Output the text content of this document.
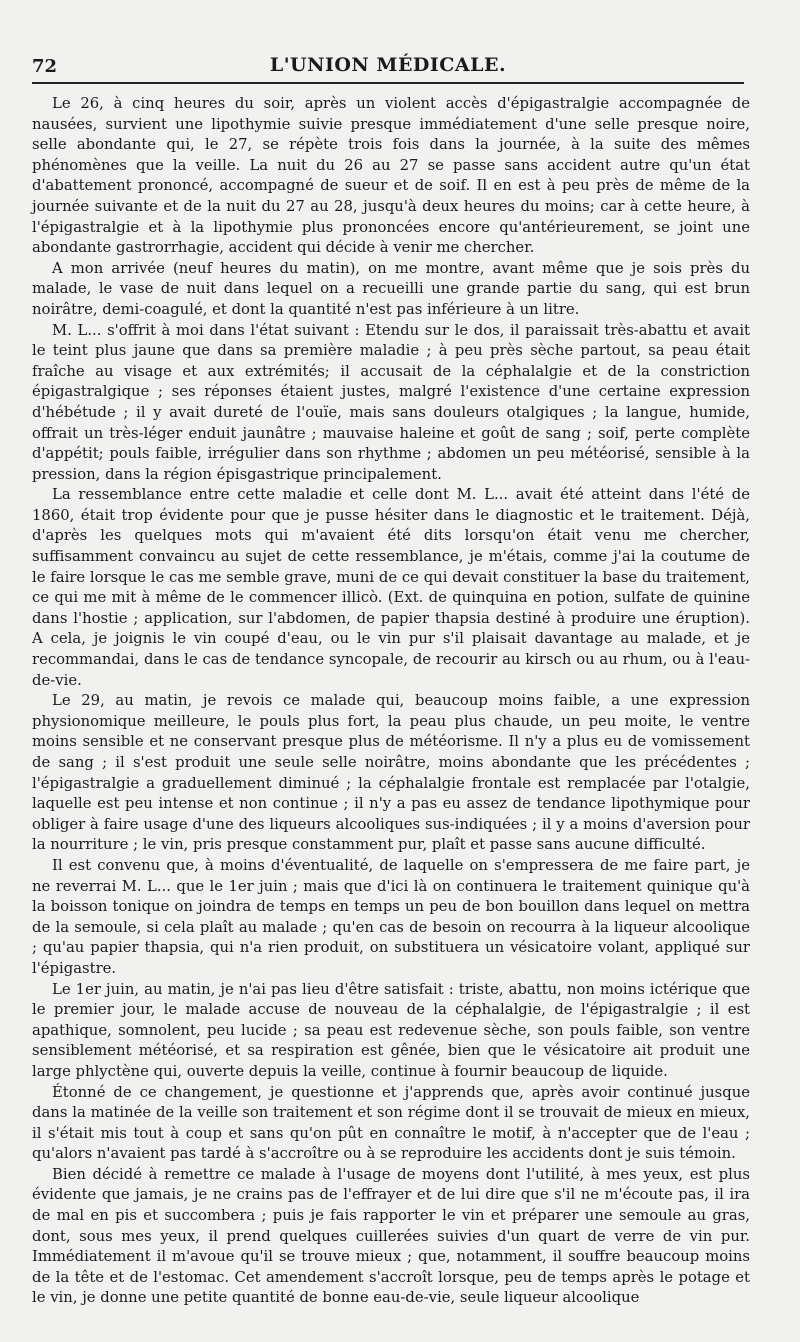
72	L'UNION MÉDICALE.

Le 26, à cinq heures du soir, après un violent accès d'épigastralgie accompagnée de nausées, survient une lipothymie suivie presque immédiatement d'une selle presque noire, selle abondante qui, le 27, se répète trois fois dans la journée, à la suite des mêmes phénomènes que la veille. La nuit du 26 au 27 se passe sans accident autre qu'un état d'abattement prononcé, accompagné de sueur et de soif. Il en est à peu près de même de la journée suivante et de la nuit du 27 au 28, jusqu'à deux heures du moins; car à cette heure, à l'épigastralgie et à la lipothymie plus prononcées encore qu'antérieurement, se joint une abondante gastrorrhagie, accident qui décide à venir me chercher.

A mon arrivée (neuf heures du matin), on me montre, avant même que je sois près du malade, le vase de nuit dans lequel on a recueilli une grande partie du sang, qui est brun noirâtre, demi-coagulé, et dont la quantité n'est pas inférieure à un litre.

M. L... s'offrit à moi dans l'état suivant : Etendu sur le dos, il paraissait très-abattu et avait le teint plus jaune que dans sa première maladie ; à peu près sèche partout, sa peau était fraîche au visage et aux extrémités; il accusait de la céphalalgie et de la constriction épigastralgique ; ses réponses étaient justes, malgré l'existence d'une certaine expression d'hébétude ; il y avait dureté de l'ouïe, mais sans douleurs otalgiques ; la langue, humide, offrait un très-léger enduit jaunâtre ; mauvaise haleine et goût de sang ; soif, perte complète d'appétit; pouls faible, irrégulier dans son rhythme ; abdomen un peu météorisé, sensible à la pression, dans la région épisgastrique principalement.

La ressemblance entre cette maladie et celle dont M. L... avait été atteint dans l'été de 1860, était trop évidente pour que je pusse hésiter dans le diagnostic et le traitement. Déjà, d'après les quelques mots qui m'avaient été dits lorsqu'on était venu me chercher, suffisamment convaincu au sujet de cette ressemblance, je m'étais, comme j'ai la coutume de le faire lorsque le cas me semble grave, muni de ce qui devait constituer la base du traitement, ce qui me mit à même de le commencer illicò. (Ext. de quinquina en potion, sulfate de quinine dans l'hostie ; application, sur l'abdomen, de papier thapsia destiné à produire une éruption). A cela, je joignis le vin coupé d'eau, ou le vin pur s'il plaisait davantage au malade, et je recommandai, dans le cas de tendance syncopale, de recourir au kirsch ou au rhum, ou à l'eau-de-vie.

Le 29, au matin, je revois ce malade qui, beaucoup moins faible, a une expression physionomique meilleure, le pouls plus fort, la peau plus chaude, un peu moite, le ventre moins sensible et ne conservant presque plus de météorisme. Il n'y a plus eu de vomissement de sang ; il s'est produit une seule selle noirâtre, moins abondante que les précédentes ; l'épigastralgie a graduellement diminué ; la céphalalgie frontale est remplacée par l'otalgie, laquelle est peu intense et non continue ; il n'y a pas eu assez de tendance lipothymique pour obliger à faire usage d'une des liqueurs alcooliques sus-indiquées ; il y a moins d'aversion pour la nourriture ; le vin, pris presque constamment pur, plaît et passe sans aucune difficulté.

Il est convenu que, à moins d'éventualité, de laquelle on s'empressera de me faire part, je ne reverrai M. L... que le 1er juin ; mais que d'ici là on continuera le traitement quinique qu'à la boisson tonique on joindra de temps en temps un peu de bon bouillon dans lequel on mettra de la semoule, si cela plaît au malade ; qu'en cas de besoin on recourra à la liqueur alcoolique ; qu'au papier thapsia, qui n'a rien produit, on substituera un vésicatoire volant, appliqué sur l'épigastre.

Le 1er juin, au matin, je n'ai pas lieu d'être satisfait : triste, abattu, non moins ictérique que le premier jour, le malade accuse de nouveau de la céphalalgie, de l'épigastralgie ; il est apathique, somnolent, peu lucide ; sa peau est redevenue sèche, son pouls faible, son ventre sensiblement météorisé, et sa respiration est gênée, bien que le vésicatoire ait produit une large phlyctène qui, ouverte depuis la veille, continue à fournir beaucoup de liquide.

Étonné de ce changement, je questionne et j'apprends que, après avoir continué jusque dans la matinée de la veille son traitement et son régime dont il se trouvait de mieux en mieux, il s'était mis tout à coup et sans qu'on pût en connaître le motif, à n'accepter que de l'eau ; qu'alors n'avaient pas tardé à s'accroître ou à se reproduire les accidents dont je suis témoin.

Bien décidé à remettre ce malade à l'usage de moyens dont l'utilité, à mes yeux, est plus évidente que jamais, je ne crains pas de l'effrayer et de lui dire que s'il ne m'écoute pas, il ira de mal en pis et succombera ; puis je fais rapporter le vin et préparer une semoule au gras, dont, sous mes yeux, il prend quelques cuillerées suivies d'un quart de verre de vin pur. Immédiatement il m'avoue qu'il se trouve mieux ; que, notamment, il souffre beaucoup moins de la tête et de l'estomac. Cet amendement s'accroît lorsque, peu de temps après le potage et le vin, je donne une petite quantité de bonne eau-de-vie, seule liqueur alcoolique
